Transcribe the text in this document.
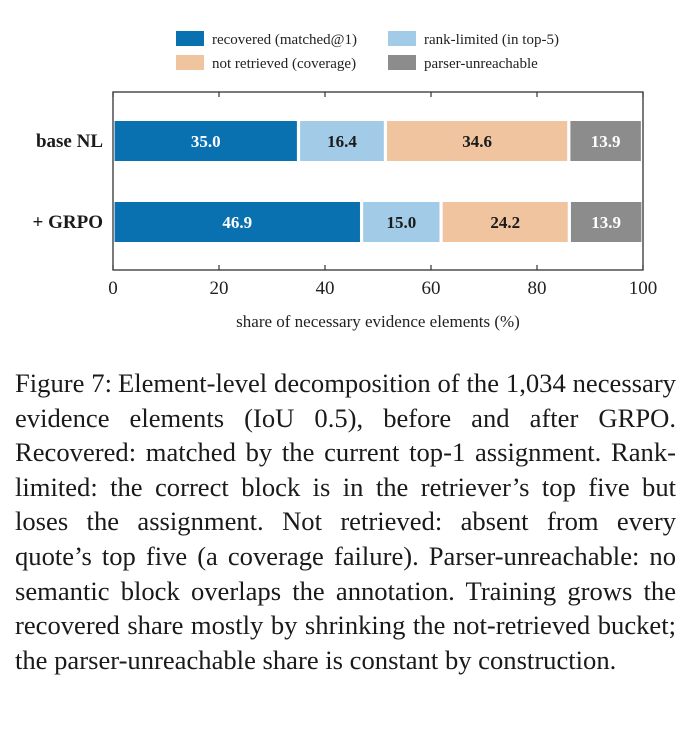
recovered (matched@1)	rank-limited (in top-5)
not retrieved (coverage)	parser-unreachable
base NL	35.0	16.4	34.6	13.9
+ GRPO	46.9	15.0	24.2	13.9
0	20	40	60	80	100
share of necessary evidence elements (%)
Figure 7: Element-level decomposition of the 1,034 necessary evidence elements (IoU 0.5), before and after GRPO. Recovered: matched by the current top-1 assignment. Rank-limited: the correct block is in the retriever’s top five but loses the assignment. Not retrieved: absent from every quote’s top five (a coverage failure). Parser-unreachable: no semantic block overlaps the annotation. Training grows the recovered share mostly by shrinking the not-retrieved bucket; the parser-unreachable share is constant by construction.
